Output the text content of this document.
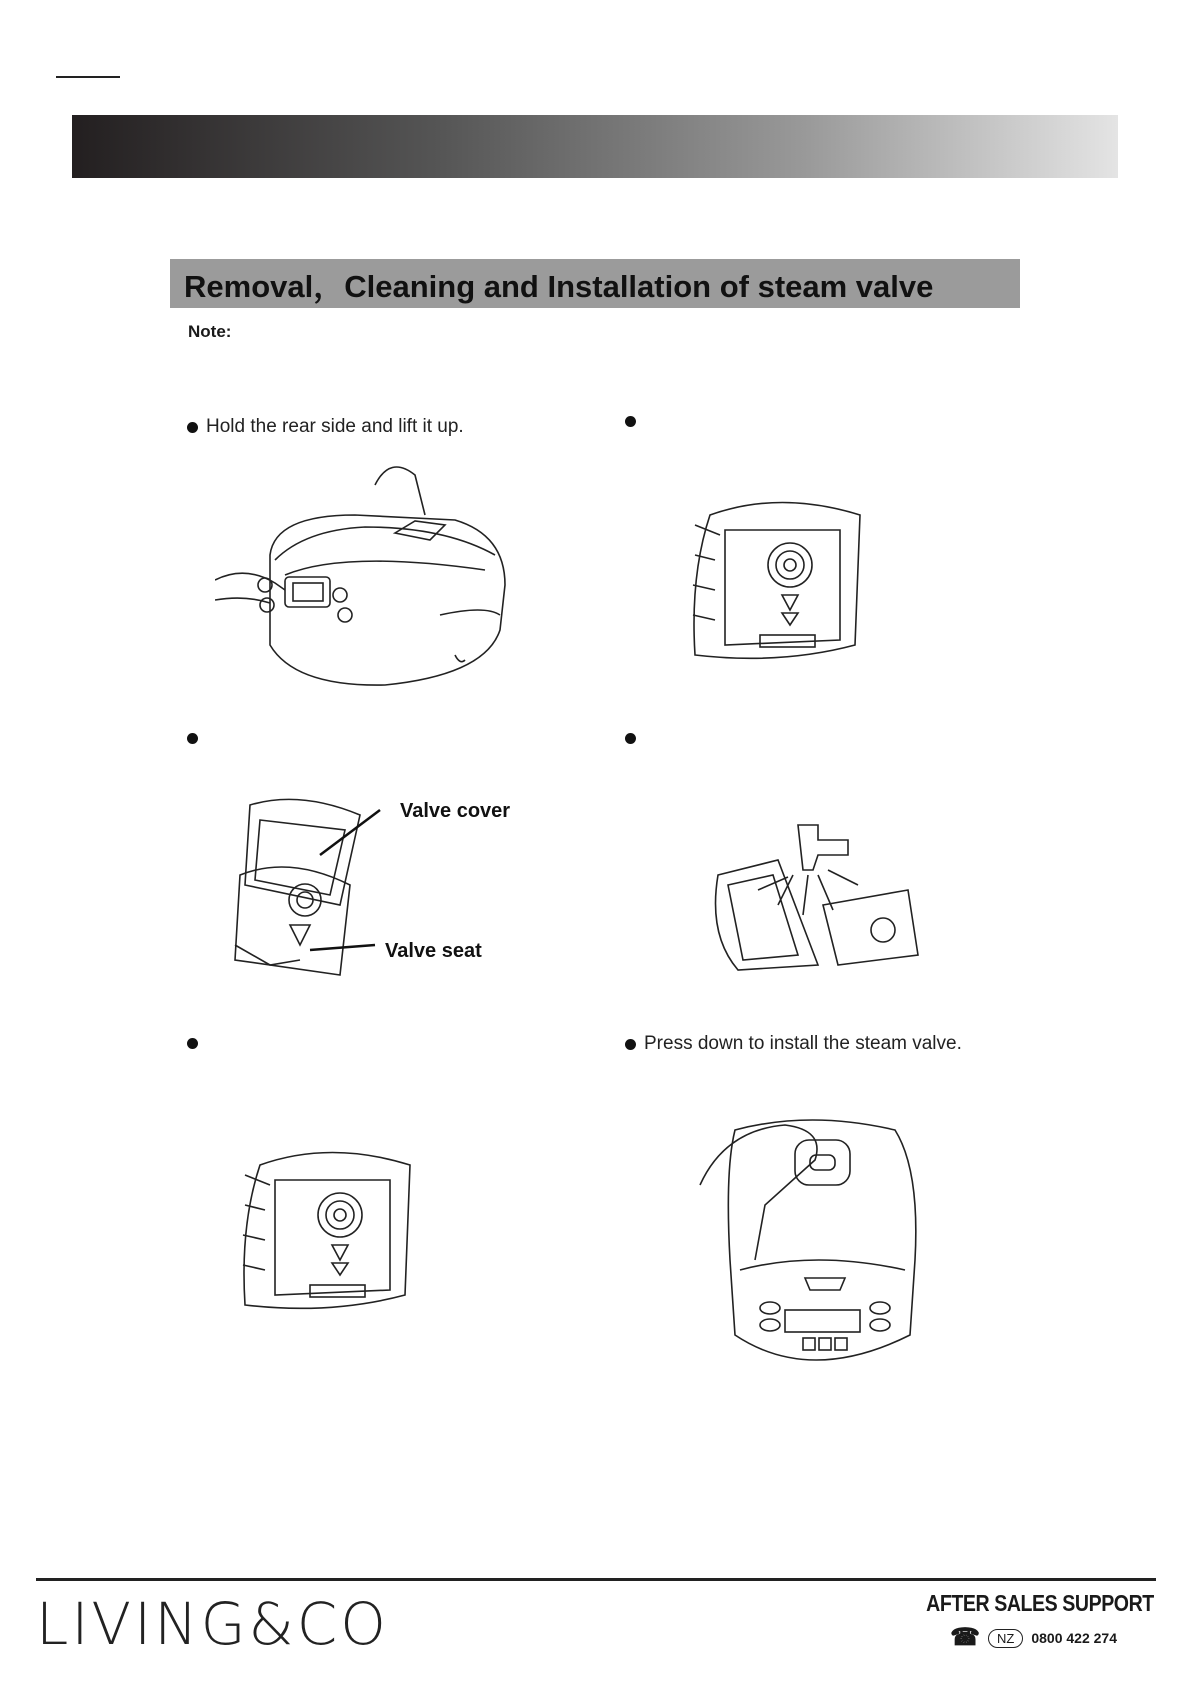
Removal，Cleaning and Installation of steam valve
Note:
Hold the rear side and lift it up.
Valve cover
Valve seat
Press down to install the steam valve.
LIVING&CO	AFTER SALES SUPPORT
☎	NZ	0800 422 274
